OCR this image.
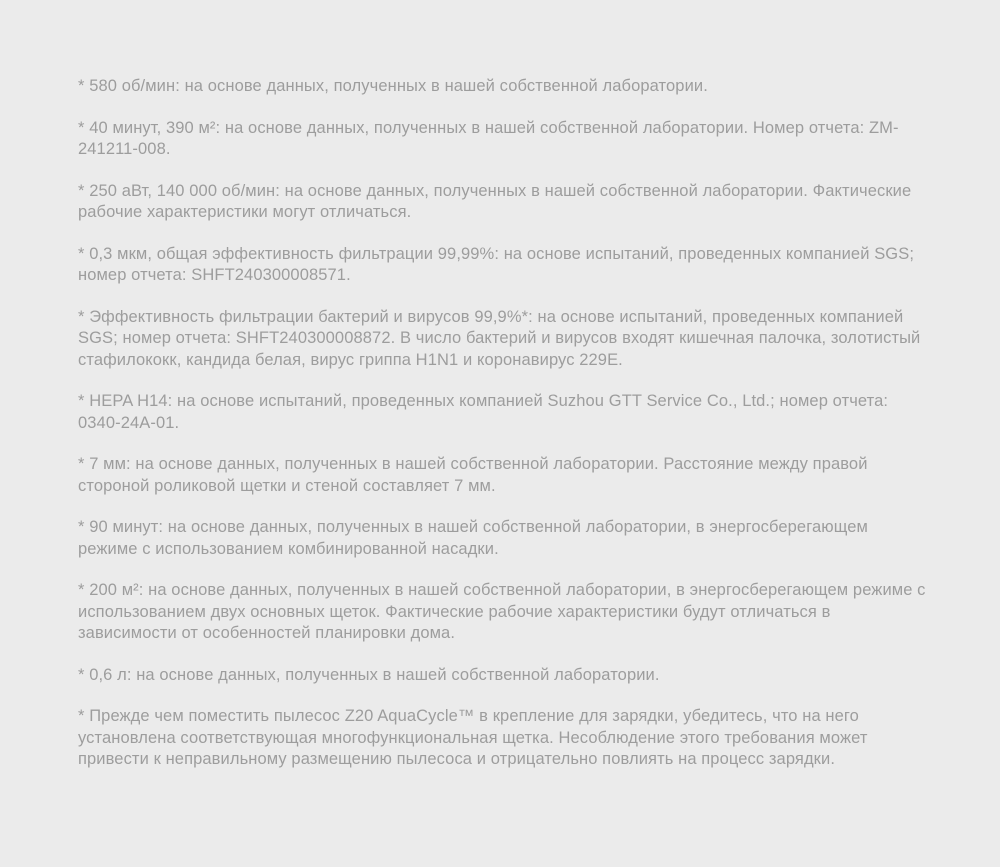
* 580 об/мин: на основе данных, полученных в нашей собственной лаборатории.

* 40 минут, 390 м²: на основе данных, полученных в нашей собственной лаборатории. Номер отчета: ZM-241211-008.

* 250 аВт, 140 000 об/мин: на основе данных, полученных в нашей собственной лаборатории. Фактические рабочие характеристики могут отличаться.

* 0,3 мкм, общая эффективность фильтрации 99,99%: на основе испытаний, проведенных компанией SGS; номер отчета: SHFT240300008571.

* Эффективность фильтрации бактерий и вирусов 99,9%*: на основе испытаний, проведенных компанией SGS; номер отчета: SHFT240300008872. В число бактерий и вирусов входят кишечная палочка, золотистый стафилококк, кандида белая, вирус гриппа H1N1 и коронавирус 229E.

* HEPA H14: на основе испытаний, проведенных компанией Suzhou GTT Service Co., Ltd.; номер отчета: 0340-24A-01.

* 7 мм: на основе данных, полученных в нашей собственной лаборатории. Расстояние между правой стороной роликовой щетки и стеной составляет 7 мм.

* 90 минут: на основе данных, полученных в нашей собственной лаборатории, в энергосберегающем режиме с использованием комбинированной насадки.

* 200 м²: на основе данных, полученных в нашей собственной лаборатории, в энергосберегающем режиме с использованием двух основных щеток. Фактические рабочие характеристики будут отличаться в зависимости от особенностей планировки дома.

* 0,6 л: на основе данных, полученных в нашей собственной лаборатории.

* Прежде чем поместить пылесос Z20 AquaCycle™ в крепление для зарядки, убедитесь, что на него установлена соответствующая многофункциональная щетка. Несоблюдение этого требования может привести к неправильному размещению пылесоса и отрицательно повлиять на процесс зарядки.
